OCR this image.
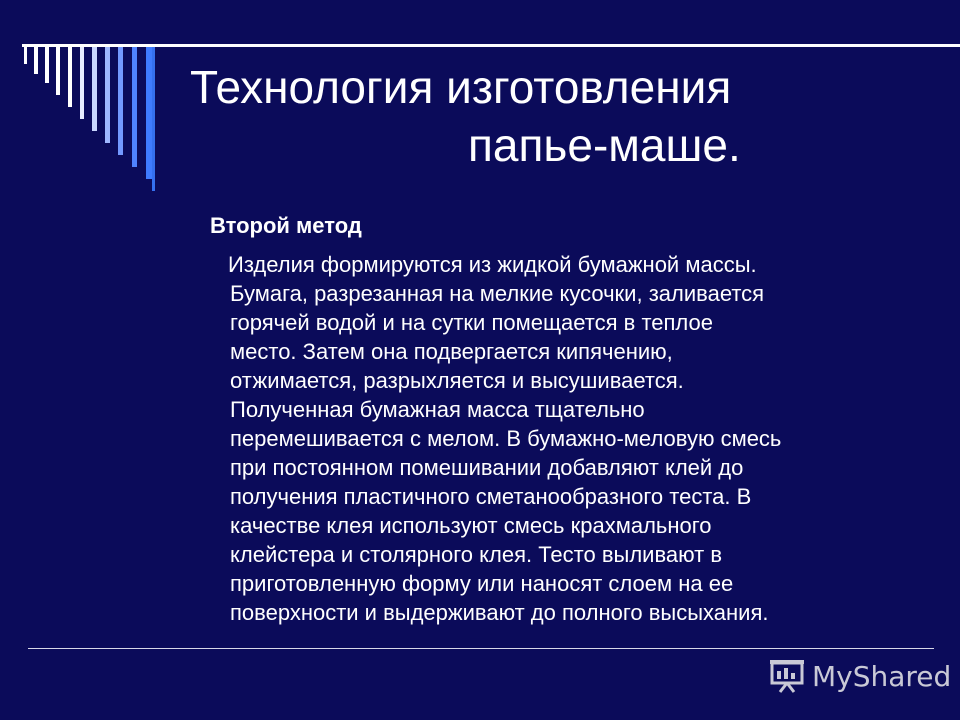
Технология изготовления
папье-маше.
Второй метод

Изделия формируются из жидкой бумажной массы.
Бумага, разрезанная на мелкие кусочки, заливается
горячей водой и на сутки помещается в теплое
место. Затем она подвергается кипячению,
отжимается, разрыхляется и высушивается.
Полученная бумажная масса тщательно
перемешивается с мелом. В бумажно-меловую смесь
при постоянном помешивании добавляют клей до
получения пластичного сметанообразного теста. В
качестве клея используют смесь крахмального
клейстера и столярного клея. Тесто выливают в
приготовленную форму или наносят слоем на ее
поверхности и выдерживают до полного высыхания.

MyShared
